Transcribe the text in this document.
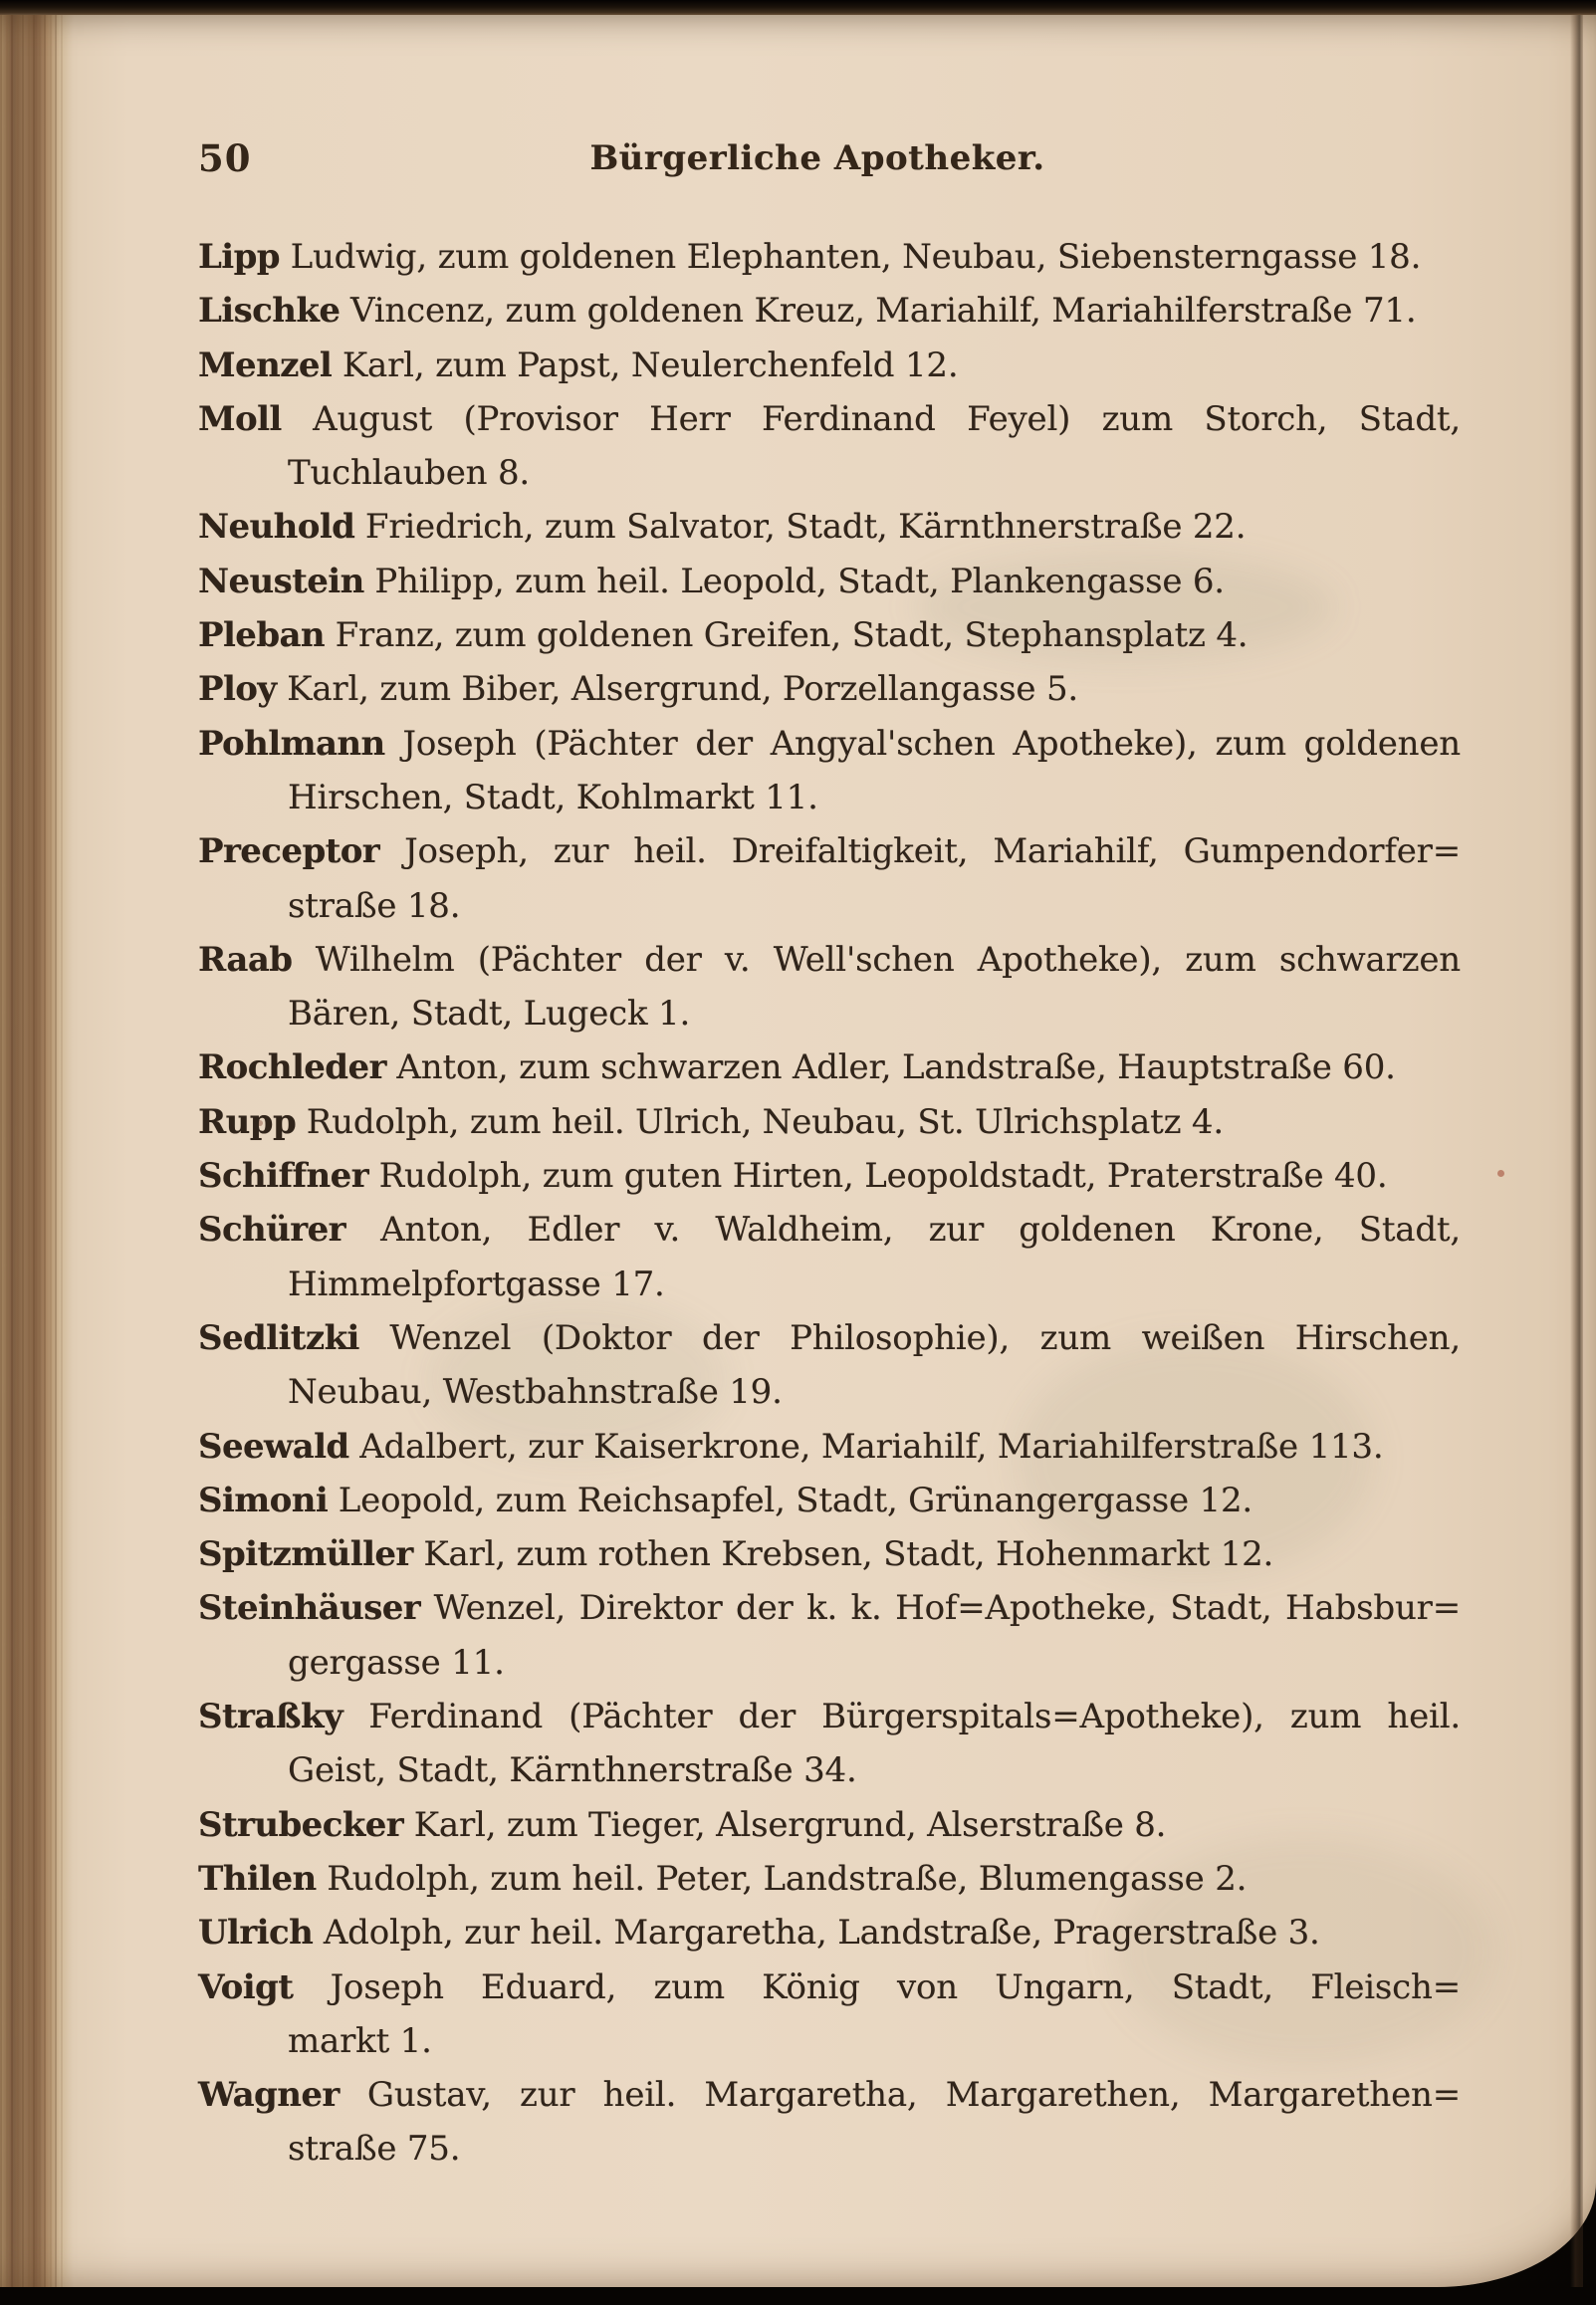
50	Bürgerliche Apotheker.
Lipp Ludwig, zum goldenen Elephanten, Neubau, Siebensterngasse 18.
Lischke Vincenz, zum goldenen Kreuz, Mariahilf, Mariahilferstraße 71.
Menzel Karl, zum Papst, Neulerchenfeld 12.
Moll August (Provisor Herr Ferdinand Feyel) zum Storch, Stadt,
Tuchlauben 8.
Neuhold Friedrich, zum Salvator, Stadt, Kärnthnerstraße 22.
Neustein Philipp, zum heil. Leopold, Stadt, Plankengasse 6.
Pleban Franz, zum goldenen Greifen, Stadt, Stephansplatz 4.
Ploy Karl, zum Biber, Alsergrund, Porzellangasse 5.
Pohlmann Joseph (Pächter der Angyal'schen Apotheke), zum goldenen
Hirschen, Stadt, Kohlmarkt 11.
Preceptor Joseph, zur heil. Dreifaltigkeit, Mariahilf, Gumpendorfer=
straße 18.
Raab Wilhelm (Pächter der v. Well'schen Apotheke), zum schwarzen
Bären, Stadt, Lugeck 1.
Rochleder Anton, zum schwarzen Adler, Landstraße, Hauptstraße 60.
Rupp Rudolph, zum heil. Ulrich, Neubau, St. Ulrichsplatz 4.
Schiffner Rudolph, zum guten Hirten, Leopoldstadt, Praterstraße 40.
Schürer Anton, Edler v. Waldheim, zur goldenen Krone, Stadt,
Himmelpfortgasse 17.
Sedlitzki Wenzel (Doktor der Philosophie), zum weißen Hirschen,
Neubau, Westbahnstraße 19.
Seewald Adalbert, zur Kaiserkrone, Mariahilf, Mariahilferstraße 113.
Simoni Leopold, zum Reichsapfel, Stadt, Grünangergasse 12.
Spitzmüller Karl, zum rothen Krebsen, Stadt, Hohenmarkt 12.
Steinhäuser Wenzel, Direktor der k. k. Hof=Apotheke, Stadt, Habsbur=
gergasse 11.
Straßky Ferdinand (Pächter der Bürgerspitals=Apotheke), zum heil.
Geist, Stadt, Kärnthnerstraße 34.
Strubecker Karl, zum Tieger, Alsergrund, Alserstraße 8.
Thilen Rudolph, zum heil. Peter, Landstraße, Blumengasse 2.
Ulrich Adolph, zur heil. Margaretha, Landstraße, Pragerstraße 3.
Voigt Joseph Eduard, zum König von Ungarn, Stadt, Fleisch=
markt 1.
Wagner Gustav, zur heil. Margaretha, Margarethen, Margarethen=
straße 75.
